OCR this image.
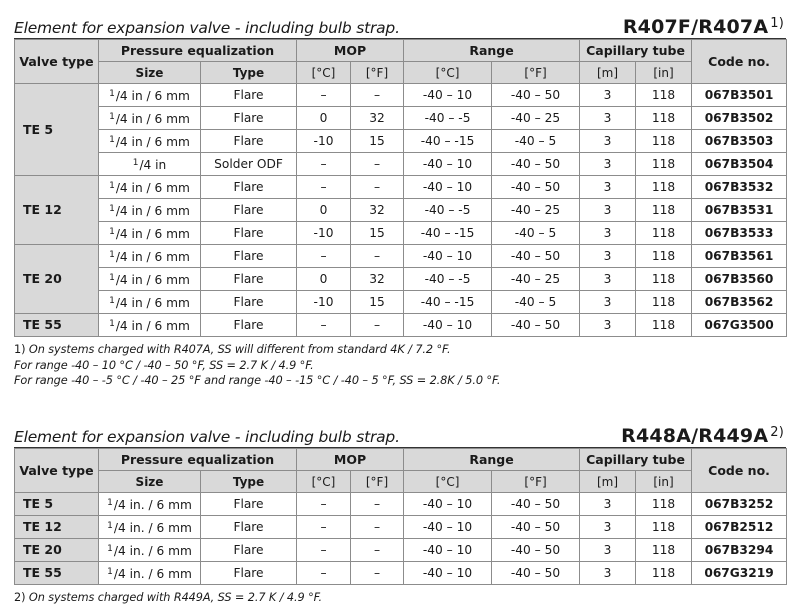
Element for expansion valve - including bulb strap.	R407F/R407A $^{1)}$
Valve type	Pressure equalization		MOP		Range		Capillary tube		Code no.
	Size	Type	[°C]	[°F]	[°C]	[°F]	[m]	[in]	
TE 5	$^1$/4 in / 6 mm	Flare	–	–	-40 – 10	-40 – 50	3	118	067B3501
	$^1$/4 in / 6 mm	Flare	0	32	-40 – -5	-40 – 25	3	118	067B3502
	$^1$/4 in / 6 mm	Flare	-10	15	-40 – -15	-40 – 5	3	118	067B3503
	$^1$/4 in	Solder ODF	–	–	-40 – 10	-40 – 50	3	118	067B3504
TE 12	$^1$/4 in / 6 mm	Flare	–	–	-40 – 10	-40 – 50	3	118	067B3532
	$^1$/4 in / 6 mm	Flare	0	32	-40 – -5	-40 – 25	3	118	067B3531
	$^1$/4 in / 6 mm	Flare	-10	15	-40 – -15	-40 – 5	3	118	067B3533
TE 20	$^1$/4 in / 6 mm	Flare	–	–	-40 – 10	-40 – 50	3	118	067B3561
	$^1$/4 in / 6 mm	Flare	0	32	-40 – -5	-40 – 25	3	118	067B3560
	$^1$/4 in / 6 mm	Flare	-10	15	-40 – -15	-40 – 5	3	118	067B3562
TE 55	$^1$/4 in / 6 mm	Flare	–	–	-40 – 10	-40 – 50	3	118	067G3500
1) On systems charged with R407A, SS will different from standard 4K / 7.2 °F.
For range -40 – 10 °C / -40 – 50 °F, SS = 2.7 K / 4.9 °F.
For range -40 – -5 °C / -40 – 25 °F and range -40 – -15 °C / -40 – 5 °F, SS = 2.8K / 5.0 °F.
Element for expansion valve - including bulb strap.	R448A/R449A $^{2)}$
Valve type	Pressure equalization		MOP		Range		Capillary tube		Code no.
	Size	Type	[°C]	[°F]	[°C]	[°F]	[m]	[in]	
TE 5	$^1$/4 in. / 6 mm	Flare	–	–	-40 – 10	-40 – 50	3	118	067B3252
TE 12	$^1$/4 in. / 6 mm	Flare	–	–	-40 – 10	-40 – 50	3	118	067B2512
TE 20	$^1$/4 in. / 6 mm	Flare	–	–	-40 – 10	-40 – 50	3	118	067B3294
TE 55	$^1$/4 in. / 6 mm	Flare	–	–	-40 – 10	-40 – 50	3	118	067G3219
2) On systems charged with R449A, SS = 2.7 K / 4.9 °F.
